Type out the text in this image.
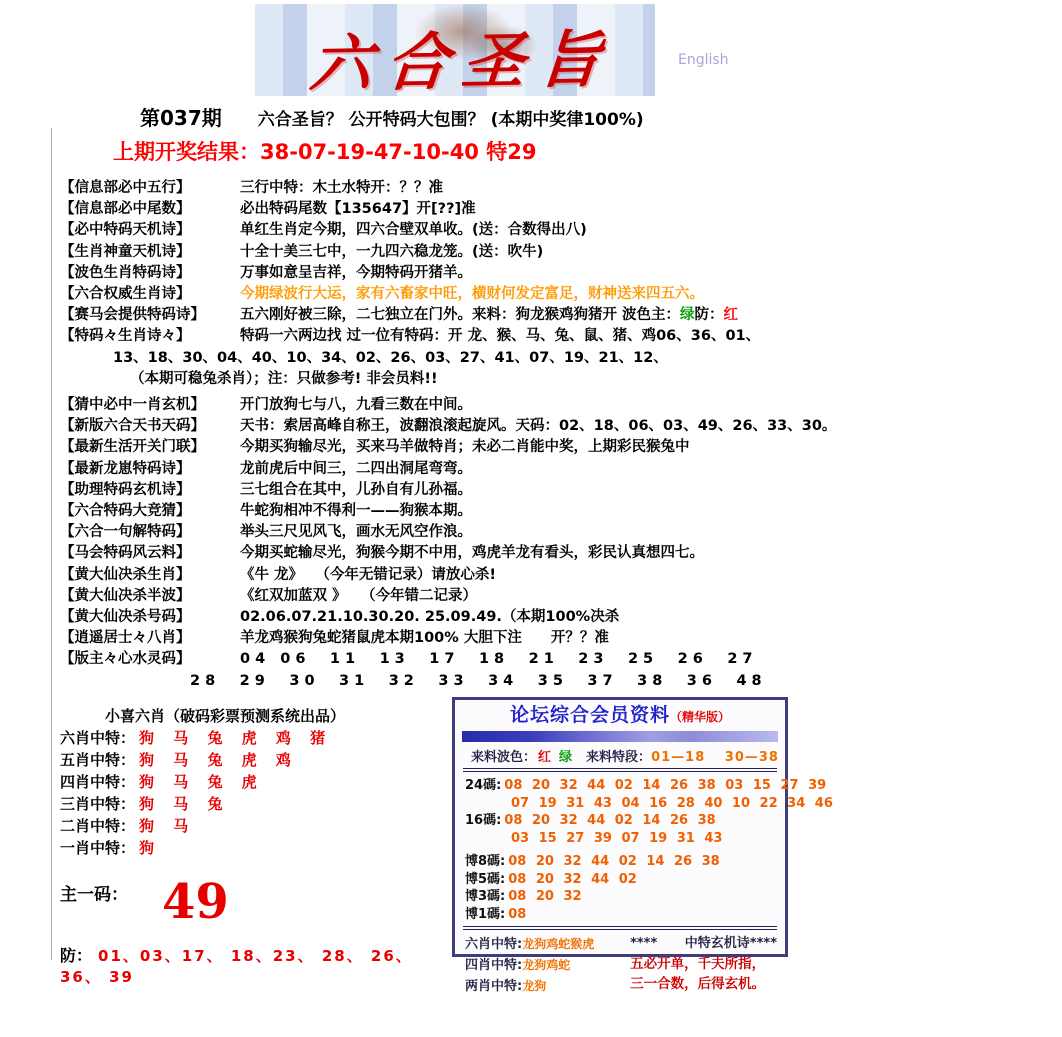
六合圣旨	English
第037期 六合圣旨？ 公开特码大包围？ (本期中奖律100%)
上期开奖结果：38-07-19-47-10-40 特29
【信息部必中五行】	三行中特：木土水特开：？？准
【信息部必中尾数】	必出特码尾数【135647】开[??]准
【必中特码天机诗】	单红生肖定今期，四六合壁双单收。(送：合数得出八)
【生肖神童天机诗】	十全十美三七中，一九四六稳龙笼。(送：吹牛)
【波色生肖特码诗】	万事如意呈吉祥，今期特码开猪羊。
【六合权威生肖诗】	今期绿波行大运，家有六畜家中旺，横财何发定富足，财神送来四五六。
【赛马会提供特码诗】 五六刚好被三除，二七独立在门外。来料：狗龙猴鸡狗猪开 波色主：绿防：红
【特码々生肖诗々】	特码一六两边找 过一位有特码：开 龙、猴、马、兔、鼠、猪、鸡06、36、01、
13、18、30、04、40、10、34、02、26、03、27、41、07、19、21、12、
（本期可稳兔杀肖）；注：只做参考! 非会员料!!
【猜中必中一肖玄机】 开门放狗七与八，九看三数在中间。
【新版六合天书天码】 天书：索居高峰自称王，波翻浪滚起旋风。天码：02、18、06、03、49、26、33、30。
【最新生活开关门联】 今期买狗输尽光，买来马羊做特肖；未必二肖能中奖，上期彩民猴兔中
【最新龙崽特码诗】	龙前虎后中间三，二四出洞尾弯弯。
【助理特码玄机诗】	三七组合在其中，儿孙自有儿孙福。
【六合特码大竞猜】	牛蛇狗相冲不得利一——狗猴本期。
【六合一句解特码】	举头三尺见风飞，画水无风空作浪。
【马会特码风云料】	今期买蛇输尽光，狗猴今期不中用，鸡虎羊龙有看头，彩民认真想四七。
【黄大仙决杀生肖】	《牛 龙》　 （今年无错记录）请放心杀!
【黄大仙决杀半波】	《红双加蓝双 》　　（今年错二记录）
【黄大仙决杀号码】	02.06.07.21.10.30.20. 25.09.49.（本期100%决杀
【逍遥居士々八肖】	羊龙鸡猴狗兔蛇猪鼠虎本期100% 大胆下注　　开？？准
【版主々心水灵码】	04 06　11　13　17　18　21　23　25　26　27
28　29　30　31　32　33　34　35　37　38　36　48
小喜六肖（破码彩票预测系统出品）
六肖中特： 狗 马 兔 虎 鸡 猪
五肖中特： 狗 马 兔 虎 鸡
四肖中特： 狗 马 兔 虎
三肖中特： 狗 马 兔
二肖中特： 狗 马
一肖中特： 狗
主一码： 49
防： 01、03、17、 18、23、 28、 26、36、 39
论坛综合会员资料（精华版）
来料波色： 红 绿 来料特段：01—18　 30—38
24碼: 08 20 32 44 02 14 26 38 03 15 27 39
07 19 31 43 04 16 28 40 10 22 34 46
16碼: 08 20 32 44 02 14 26 38
03 15 27 39 07 19 31 43
博8碼: 08 20 32 44 02 14 26 38
博5碼: 08 20 32 44 02
博3碼: 08 20 32
博1碼: 08
六肖中特:龙狗鸡蛇猴虎
四肖中特:龙狗鸡蛇
两肖中特:龙狗
****　 中特玄机诗****
五必开单，千夫所指，
三一合数，后得玄机。
